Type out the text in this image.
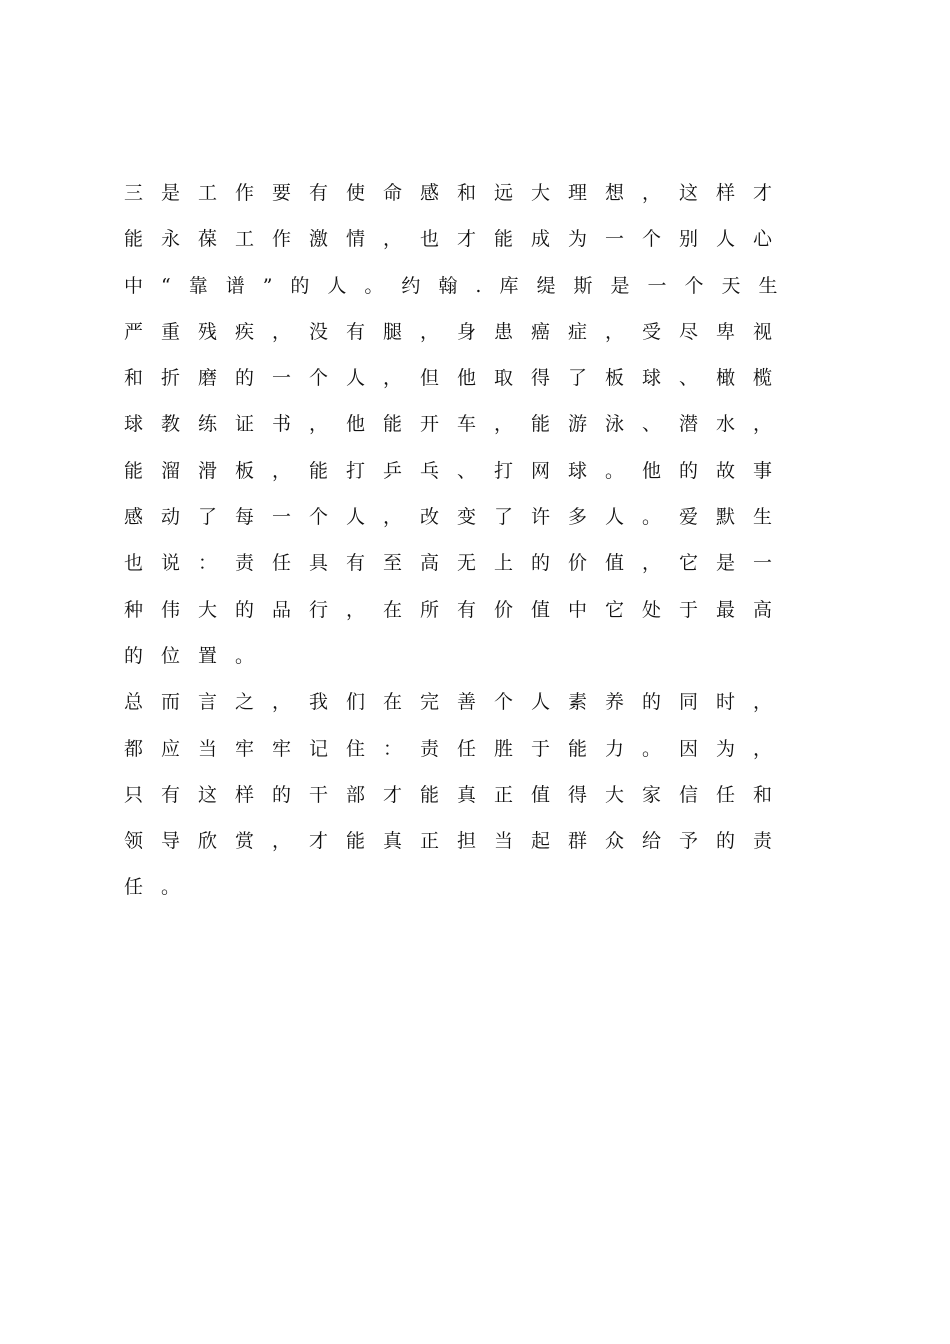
三是工作要有使命感和远大理想，这样才
能永葆工作激情，也才能成为一个别人心
中“靠谱”的人。约翰.库缇斯是一个天生
严重残疾，没有腿，身患癌症，受尽卑视
和折磨的一个人，但他取得了板球、橄榄
球教练证书，他能开车，能游泳、潜水，
能溜滑板，能打乒乓、打网球。他的故事
感动了每一个人，改变了许多人。爱默生
也说：责任具有至高无上的价值，它是一
种伟大的品行，在所有价值中它处于最高
的位置。
总而言之，我们在完善个人素养的同时，
都应当牢牢记住：责任胜于能力。因为，
只有这样的干部才能真正值得大家信任和
领导欣赏，才能真正担当起群众给予的责
任。
